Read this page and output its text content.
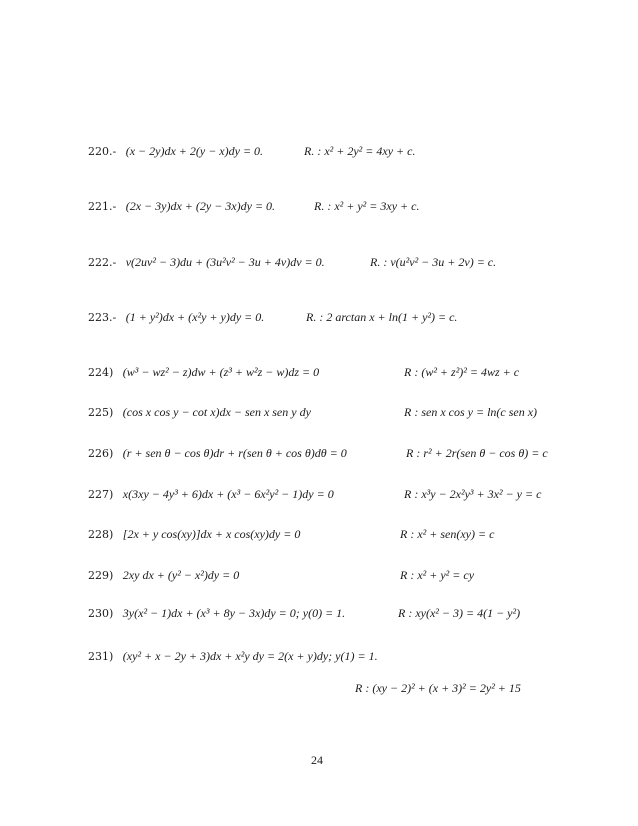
220.- (x − 2y)dx + 2(y − x)dy = 0.	R. : x² + 2y² = 4xy + c.
221.- (2x − 3y)dx + (2y − 3x)dy = 0.	R. : x² + y² = 3xy + c.
222.- v(2uv² − 3)du + (3u²v² − 3u + 4v)dv = 0.	R. : v(u²v² − 3u + 2v) = c.
223.- (1 + y²)dx + (x²y + y)dy = 0.	R. : 2 arctan x + ln(1 + y²) = c.
224) (w³ − wz² − z)dw + (z³ + w²z − w)dz = 0	R : (w² + z²)² = 4wz + c
225) (cos x cos y − cot x)dx − sen x sen y dy	R : sen x cos y = ln(c sen x)
226) (r + sen θ − cos θ)dr + r(sen θ + cos θ)dθ = 0	R : r² + 2r(sen θ − cos θ) = c
227) x(3xy − 4y³ + 6)dx + (x³ − 6x²y² − 1)dy = 0	R : x³y − 2x²y³ + 3x² − y = c
228) [2x + y cos(xy)]dx + x cos(xy)dy = 0	R : x² + sen(xy) = c
229) 2xy dx + (y² − x²)dy = 0	R : x² + y² = cy
230) 3y(x² − 1)dx + (x³ + 8y − 3x)dy = 0; y(0) = 1.	R : xy(x² − 3) = 4(1 − y²)
231) (xy² + x − 2y + 3)dx + x²y dy = 2(x + y)dy; y(1) = 1.
R : (xy − 2)² + (x + 3)² = 2y² + 15
24
